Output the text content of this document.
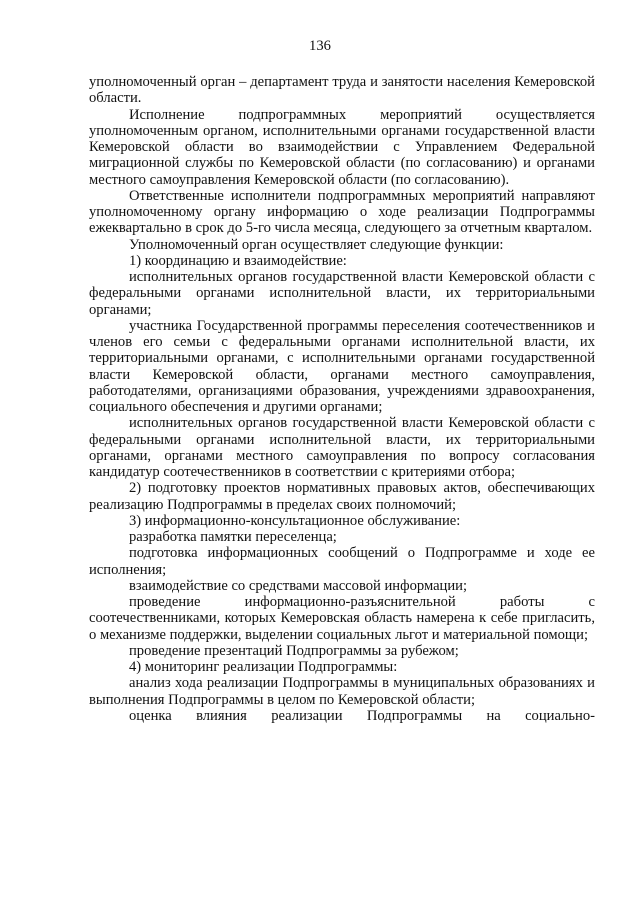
136

уполномоченный орган – департамент труда и занятости населения Кемеровской области.

Исполнение подпрограммных мероприятий осуществляется уполномоченным органом, исполнительными органами государственной власти Кемеровской области во взаимодействии с Управлением Федеральной миграционной службы по Кемеровской области (по согласованию) и органами местного самоуправления Кемеровской области (по согласованию).

Ответственные исполнители подпрограммных мероприятий направляют уполномоченному органу информацию о ходе реализации Подпрограммы ежеквартально в срок до 5-го числа месяца, следующего за отчетным кварталом.

Уполномоченный орган осуществляет следующие функции:

1) координацию и взаимодействие:

исполнительных органов государственной власти Кемеровской области с федеральными органами исполнительной власти, их территориальными органами;

участника Государственной программы переселения соотечественников и членов его семьи с федеральными органами исполнительной власти, их территориальными органами, с исполнительными органами государственной власти Кемеровской области, органами местного самоуправления, работодателями, организациями образования, учреждениями здравоохранения, социального обеспечения и другими органами;

исполнительных органов государственной власти Кемеровской области с федеральными органами исполнительной власти, их территориальными органами, органами местного самоуправления по вопросу согласования кандидатур соотечественников в соответствии с критериями отбора;

2) подготовку проектов нормативных правовых актов, обеспечивающих реализацию Подпрограммы в пределах своих полномочий;

3) информационно-консультационное обслуживание:

разработка памятки переселенца;

подготовка информационных сообщений о Подпрограмме и ходе ее исполнения;

взаимодействие со средствами массовой информации;

проведение информационно-разъяснительной работы с соотечественниками, которых Кемеровская область намерена к себе пригласить, о механизме поддержки, выделении социальных льгот и материальной помощи;

проведение презентаций Подпрограммы за рубежом;

4) мониторинг реализации Подпрограммы:

анализ хода реализации Подпрограммы в муниципальных образованиях и выполнения Подпрограммы в целом по Кемеровской области;

оценка влияния реализации Подпрограммы на социально-
